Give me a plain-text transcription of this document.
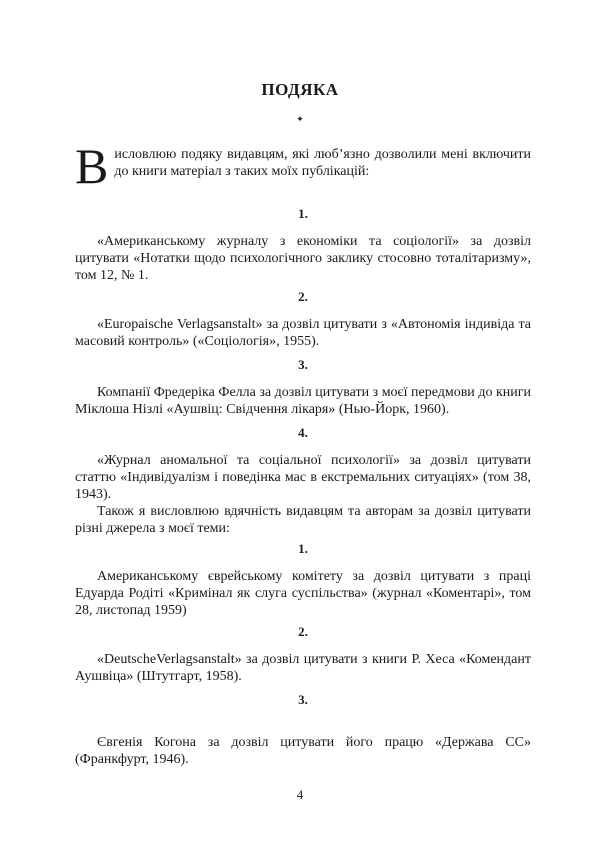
ПОДЯКА
✦
В исловлюю подяку видавцям, які люб’язно дозволили мені включити до книги матеріал з таких моїх публікацій:

1.

«Американському журналу з економіки та соціології» за дозвіл цитувати «Нотатки щодо психологічного заклику стосовно тоталітаризму», том 12, № 1.

2.

«Europaische Verlagsanstalt» за дозвіл цитувати з «Автономія індивіда та масовий контроль» («Соціологія», 1955).

3.

Компанії Фредеріка Фелла за дозвіл цитувати з моєї передмови до книги Міклоша Нізлі «Аушвіц: Свідчення лікаря» (Нью-Йорк, 1960).

4.

«Журнал аномальної та соціальної психології» за дозвіл цитувати статтю «Індивідуалізм і поведінка мас в екстремальних ситуаціях» (том 38, 1943).

Також я висловлюю вдячність видавцям та авторам за дозвіл цитувати різні джерела з моєї теми:

1.

Американському єврейському комітету за дозвіл цитувати з праці Едуарда Родіті «Кримінал як слуга суспільства» (журнал «Коментарі», том 28, листопад 1959)

2.

«DeutscheVerlagsanstalt» за дозвіл цитувати з книги Р. Хеса «Комендант Аушвіца» (Штутгарт, 1958).

3.

Євгенія Когона за дозвіл цитувати його працю «Держава СС» (Франкфурт, 1946).

4
